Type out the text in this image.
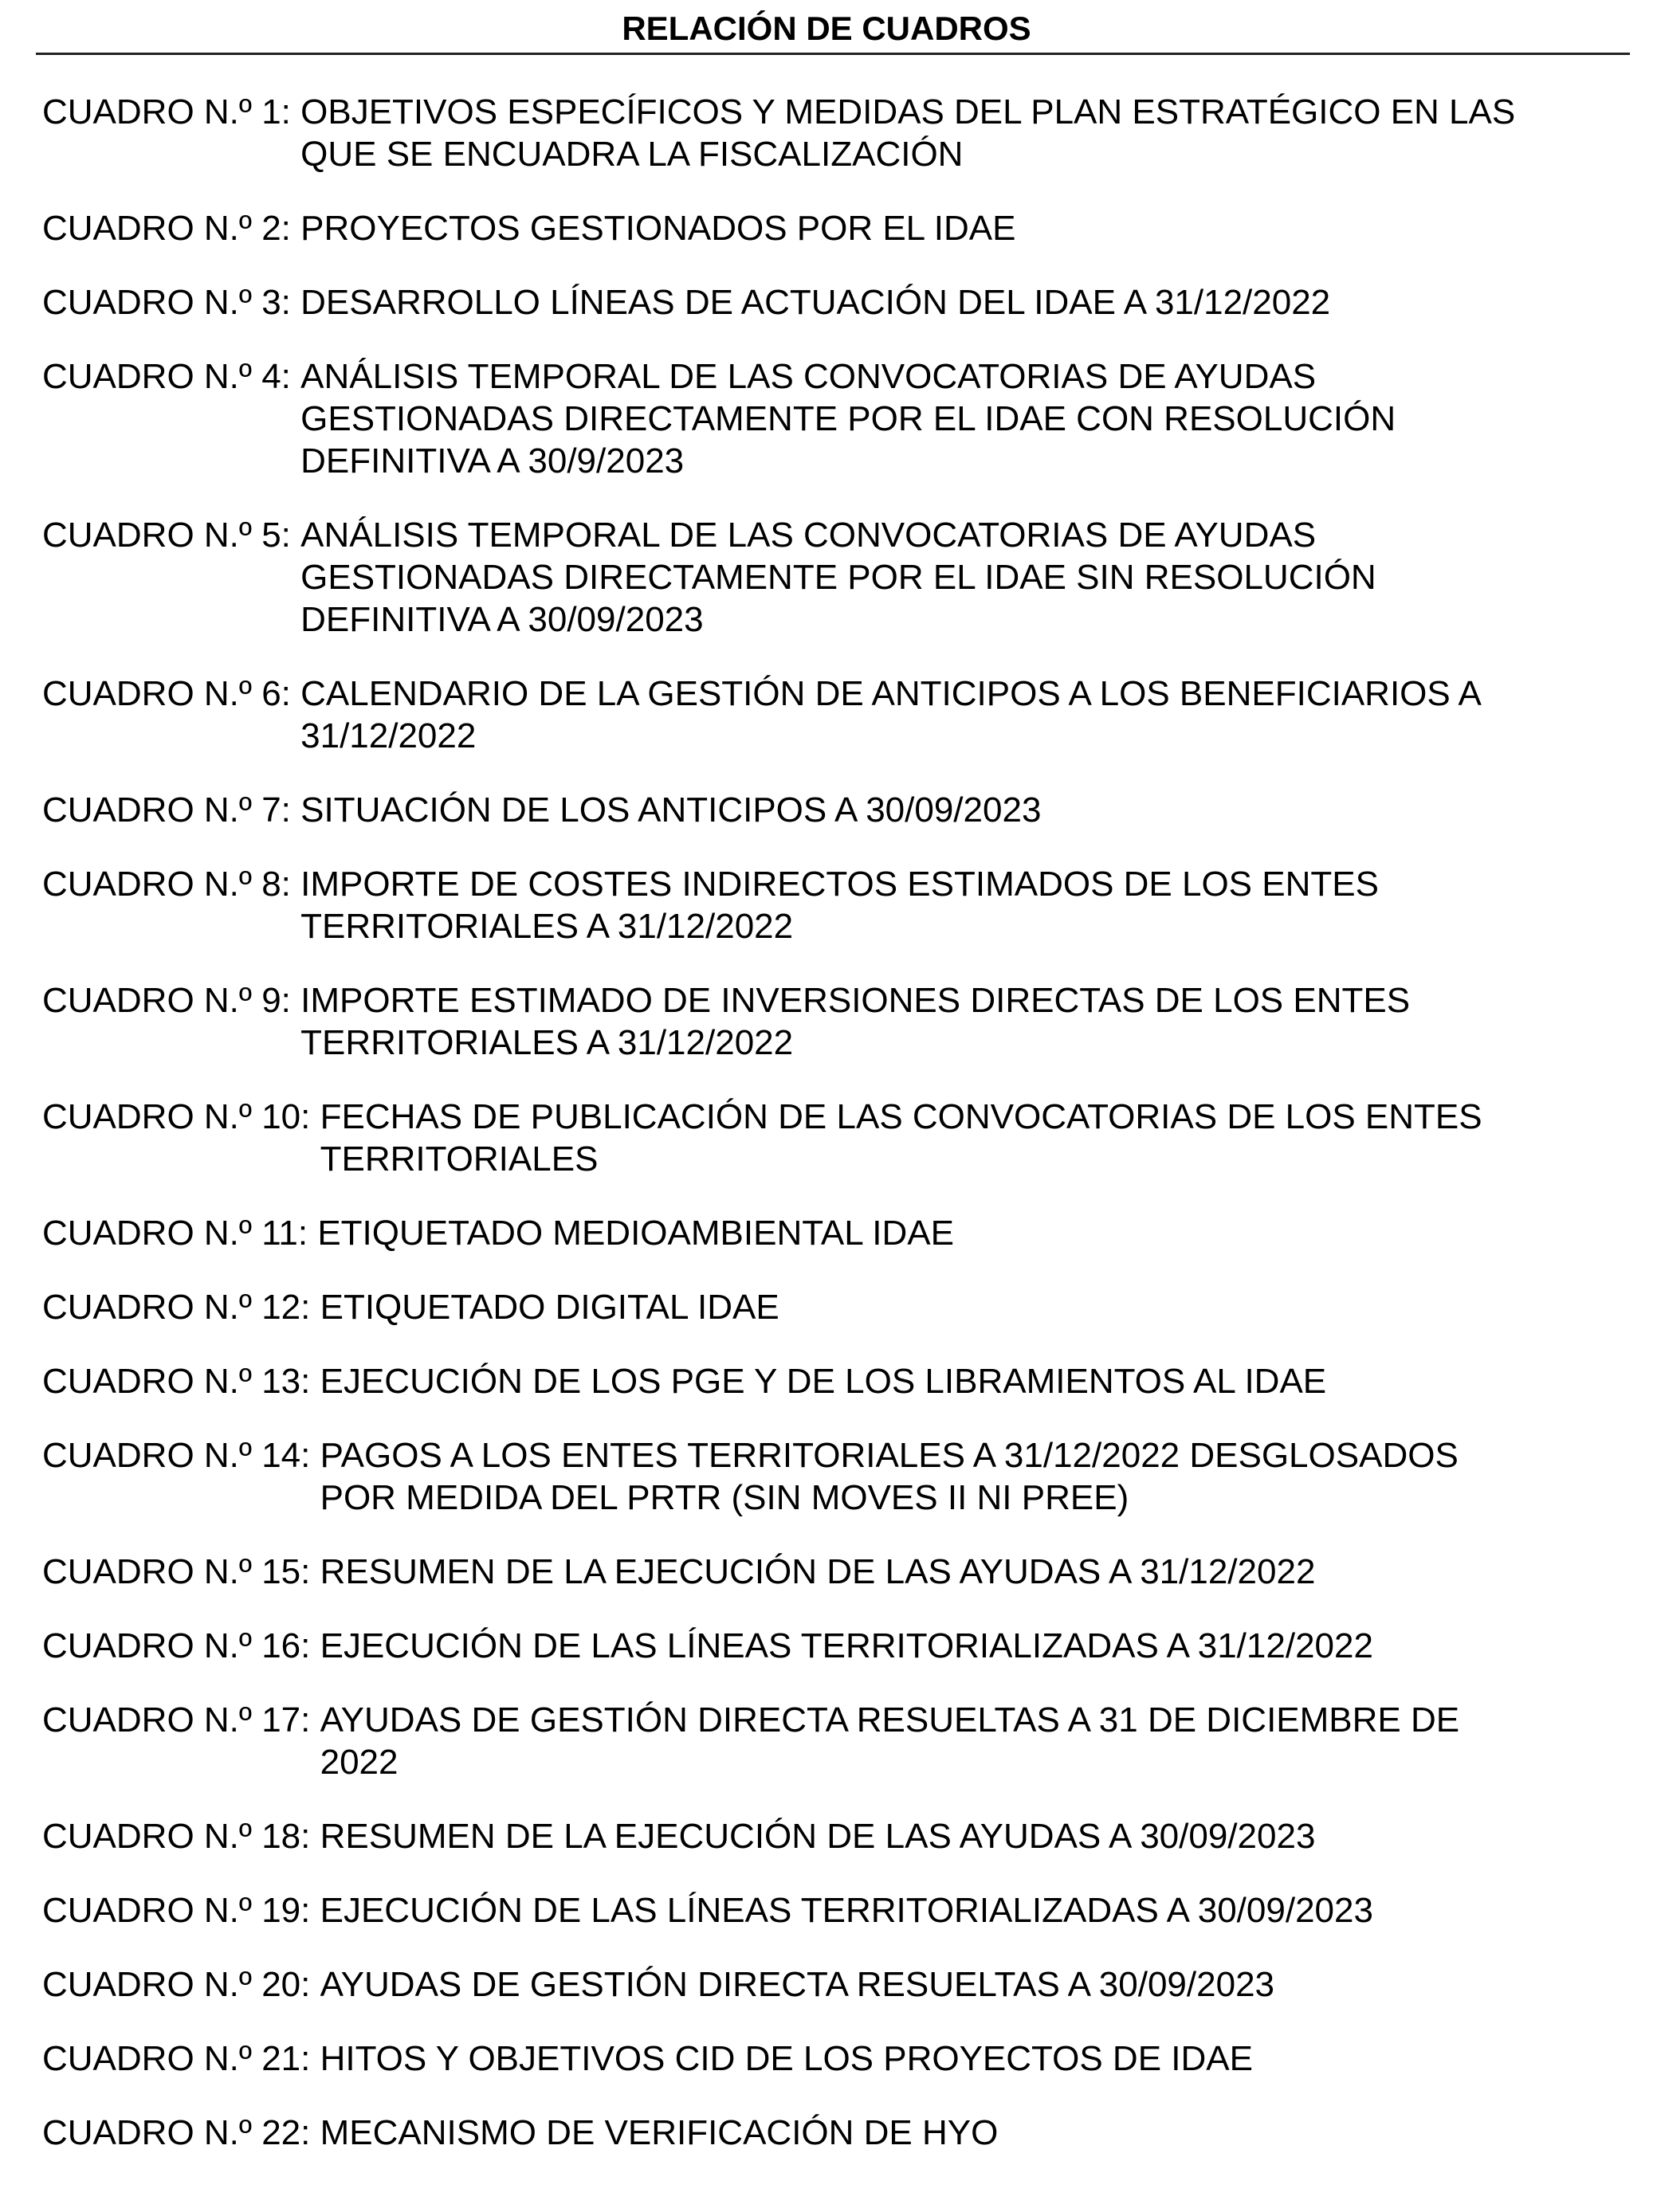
RELACIÓN DE CUADROS
CUADRO N.º 1: OBJETIVOS ESPECÍFICOS Y MEDIDAS DEL PLAN ESTRATÉGICO EN LAS
QUE SE ENCUADRA LA FISCALIZACIÓN
CUADRO N.º 2: PROYECTOS GESTIONADOS POR EL IDAE
CUADRO N.º 3: DESARROLLO LÍNEAS DE ACTUACIÓN DEL IDAE A 31/12/2022
CUADRO N.º 4: ANÁLISIS TEMPORAL DE LAS CONVOCATORIAS DE AYUDAS
GESTIONADAS DIRECTAMENTE POR EL IDAE CON RESOLUCIÓN
DEFINITIVA A 30/9/2023
CUADRO N.º 5: ANÁLISIS TEMPORAL DE LAS CONVOCATORIAS DE AYUDAS
GESTIONADAS DIRECTAMENTE POR EL IDAE SIN RESOLUCIÓN
DEFINITIVA A 30/09/2023
CUADRO N.º 6: CALENDARIO DE LA GESTIÓN DE ANTICIPOS A LOS BENEFICIARIOS A
31/12/2022
CUADRO N.º 7: SITUACIÓN DE LOS ANTICIPOS A 30/09/2023
CUADRO N.º 8: IMPORTE DE COSTES INDIRECTOS ESTIMADOS DE LOS ENTES
TERRITORIALES A 31/12/2022
CUADRO N.º 9: IMPORTE ESTIMADO DE INVERSIONES DIRECTAS DE LOS ENTES
TERRITORIALES A 31/12/2022
CUADRO N.º 10: FECHAS DE PUBLICACIÓN DE LAS CONVOCATORIAS DE LOS ENTES
TERRITORIALES
CUADRO N.º 11: ETIQUETADO MEDIOAMBIENTAL IDAE
CUADRO N.º 12: ETIQUETADO DIGITAL IDAE
CUADRO N.º 13: EJECUCIÓN DE LOS PGE Y DE LOS LIBRAMIENTOS AL IDAE
CUADRO N.º 14: PAGOS A LOS ENTES TERRITORIALES A 31/12/2022 DESGLOSADOS
POR MEDIDA DEL PRTR (SIN MOVES II NI PREE)
CUADRO N.º 15: RESUMEN DE LA EJECUCIÓN DE LAS AYUDAS A 31/12/2022
CUADRO N.º 16: EJECUCIÓN DE LAS LÍNEAS TERRITORIALIZADAS A 31/12/2022
CUADRO N.º 17: AYUDAS DE GESTIÓN DIRECTA RESUELTAS A 31 DE DICIEMBRE DE
2022
CUADRO N.º 18: RESUMEN DE LA EJECUCIÓN DE LAS AYUDAS A 30/09/2023
CUADRO N.º 19: EJECUCIÓN DE LAS LÍNEAS TERRITORIALIZADAS A 30/09/2023
CUADRO N.º 20: AYUDAS DE GESTIÓN DIRECTA RESUELTAS A 30/09/2023
CUADRO N.º 21: HITOS Y OBJETIVOS CID DE LOS PROYECTOS DE IDAE
CUADRO N.º 22: MECANISMO DE VERIFICACIÓN DE HYO
